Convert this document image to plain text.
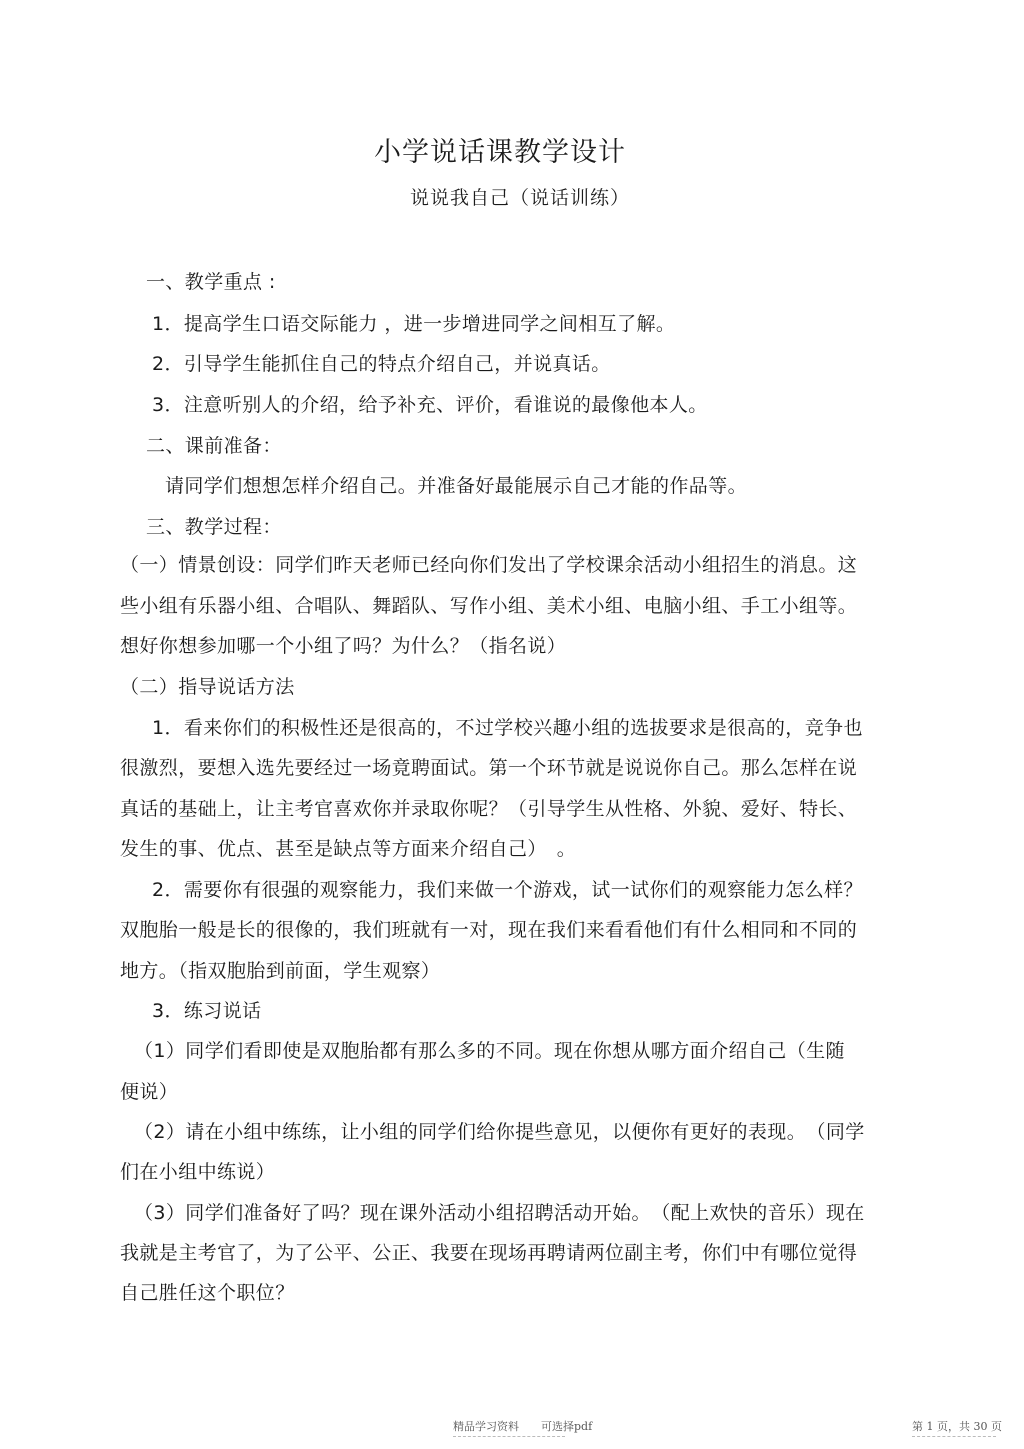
小学说话课教学设计
说说我自己（说话训练）
一、教学重点 :
1．提高学生口语交际能力 ，进一步增进同学之间相互了解。
2．引导学生能抓住自己的特点介绍自己，并说真话。
3．注意听别人的介绍，给予补充、评价，看谁说的最像他本人。
二、课前准备：
请同学们想想怎样介绍自己。并准备好最能展示自己才能的作品等。
三、教学过程：
（一）情景创设：同学们昨天老师已经向你们发出了学校课余活动小组招生的消息。这
些小组有乐器小组、合唱队、舞蹈队、写作小组、美术小组、电脑小组、手工小组等。
想好你想参加哪一个小组了吗？为什么？（指名说）
（二）指导说话方法
1．看来你们的积极性还是很高的，不过学校兴趣小组的选拔要求是很高的，竞争也
很激烈，要想入选先要经过一场竟聘面试。第一个环节就是说说你自己。那么怎样在说
真话的基础上，让主考官喜欢你并录取你呢？（引导学生从性格、外貌、爱好、特长、
发生的事、优点、甚至是缺点等方面来介绍自己）　。
2．需要你有很强的观察能力，我们来做一个游戏，试一试你们的观察能力怎么样？
双胞胎一般是长的很像的，我们班就有一对，现在我们来看看他们有什么相同和不同的
地方。（指双胞胎到前面，学生观察）
3．练习说话
（1）同学们看即使是双胞胎都有那么多的不同。现在你想从哪方面介绍自己（生随
便说）
（2）请在小组中练练，让小组的同学们给你提些意见，以便你有更好的表现。　（同学
们在小组中练说）
（3）同学们准备好了吗？现在课外活动小组招聘活动开始。　（配上欢快的音乐）现在
我就是主考官了，为了公平、公正、我要在现场再聘请两位副主考，你们中有哪位觉得
自己胜任这个职位？
精品学习资料　　可选择pdf	第 1 页，共 30 页
